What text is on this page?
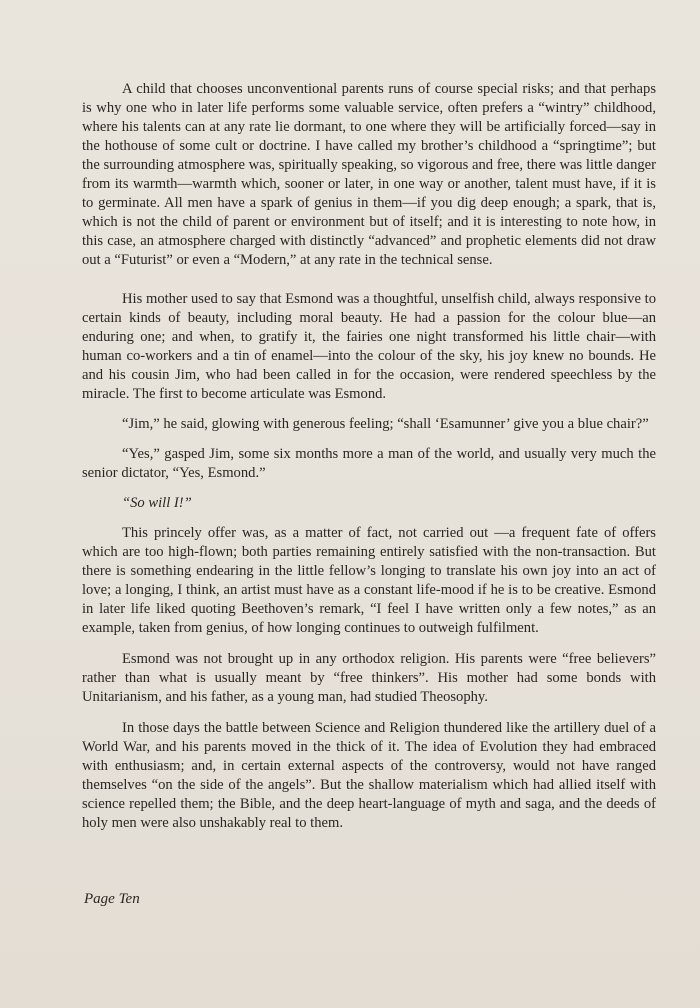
A child that chooses unconventional parents runs of course special risks; and that perhaps is why one who in later life performs some valuable service, often prefers a “wintry” childhood, where his talents can at any rate lie dormant, to one where they will be artificially forced—say in the hothouse of some cult or doctrine. I have called my brother’s childhood a “springtime”; but the surrounding atmosphere was, spiritually speaking, so vigorous and free, there was little danger from its warmth—warmth which, sooner or later, in one way or another, talent must have, if it is to germinate. All men have a spark of genius in them—if you dig deep enough; a spark, that is, which is not the child of parent or environment but of itself; and it is interesting to note how, in this case, an atmosphere charged with distinctly “advanced” and prophetic elements did not draw out a “Futurist” or even a “Modern,” at any rate in the technical sense.

His mother used to say that Esmond was a thoughtful, unselfish child, always responsive to certain kinds of beauty, including moral beauty. He had a passion for the colour blue—an enduring one; and when, to gratify it, the fairies one night transformed his little chair—with human co-workers and a tin of enamel—into the colour of the sky, his joy knew no bounds. He and his cousin Jim, who had been called in for the occasion, were rendered speechless by the miracle. The first to become articulate was Esmond.

“Jim,” he said, glowing with generous feeling; “shall ‘Esamunner’ give you a blue chair?”

“Yes,” gasped Jim, some six months more a man of the world, and usually very much the senior dictator, “Yes, Esmond.”

“So will I!”

This princely offer was, as a matter of fact, not carried out —a frequent fate of offers which are too high-flown; both parties remaining entirely satisfied with the non-transaction. But there is something endearing in the little fellow’s longing to translate his own joy into an act of love; a longing, I think, an artist must have as a constant life-mood if he is to be creative. Esmond in later life liked quoting Beethoven’s remark, “I feel I have written only a few notes,” as an example, taken from genius, of how longing continues to outweigh fulfilment.

Esmond was not brought up in any orthodox religion. His parents were “free believers” rather than what is usually meant by “free thinkers”. His mother had some bonds with Unitarianism, and his father, as a young man, had studied Theosophy.

In those days the battle between Science and Religion thundered like the artillery duel of a World War, and his parents moved in the thick of it. The idea of Evolution they had embraced with enthusiasm; and, in certain external aspects of the controversy, would not have ranged themselves “on the side of the angels”. But the shallow materialism which had allied itself with science repelled them; the Bible, and the deep heart-language of myth and saga, and the deeds of holy men were also unshakably real to them.

Page Ten
